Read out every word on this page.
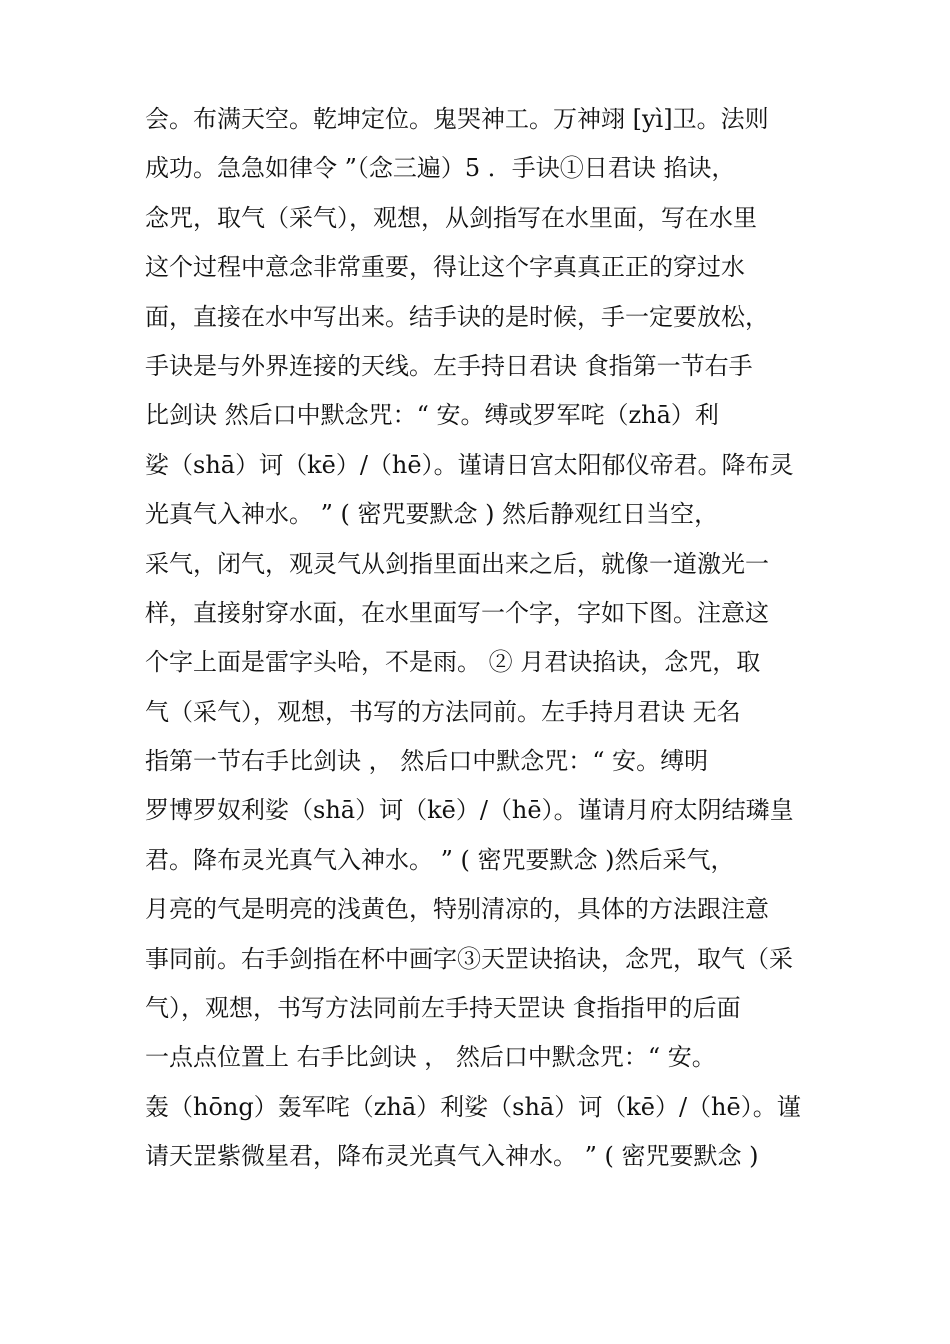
会。布满天空。乾坤定位。鬼哭神工。万神翊 [yì]卫。法则
成功。急急如律令 ”（念三遍）5 ．手诀①日君诀 掐诀，
念咒，取气（采气），观想，从剑指写在水里面，写在水里
这个过程中意念非常重要，得让这个字真真正正的穿过水
面，直接在水中写出来。结手诀的是时候，手一定要放松，
手诀是与外界连接的天线。左手持日君诀 食指第一节右手
比剑诀 然后口中默念咒：“ 安。缚或罗军咤（zhā）利
娑（shā）诃（kē）/（hē）。谨请日宫太阳郁仪帝君。降布灵
光真气入神水。 ” ( 密咒要默念 ) 然后静观红日当空，
采气，闭气，观灵气从剑指里面出来之后，就像一道激光一
样，直接射穿水面，在水里面写一个字，字如下图。注意这
个字上面是雷字头哈，不是雨。 ② 月君诀掐诀，念咒，取
气（采气），观想，书写的方法同前。左手持月君诀 无名
指第一节右手比剑诀 ， 然后口中默念咒：“ 安。缚明
罗博罗奴利娑（shā）诃（kē）/（hē）。谨请月府太阴结璘皇
君。降布灵光真气入神水。 ” ( 密咒要默念 )然后采气，
月亮的气是明亮的浅黄色，特别清凉的，具体的方法跟注意
事同前。右手剑指在杯中画字③天罡诀掐诀，念咒，取气（采
气），观想，书写方法同前左手持天罡诀 食指指甲的后面
一点点位置上 右手比剑诀 ， 然后口中默念咒：“ 安。
轰（hōng）轰军咤（zhā）利娑（shā）诃（kē）/（hē）。谨
请天罡紫微星君，降布灵光真气入神水。 ” ( 密咒要默念 )
